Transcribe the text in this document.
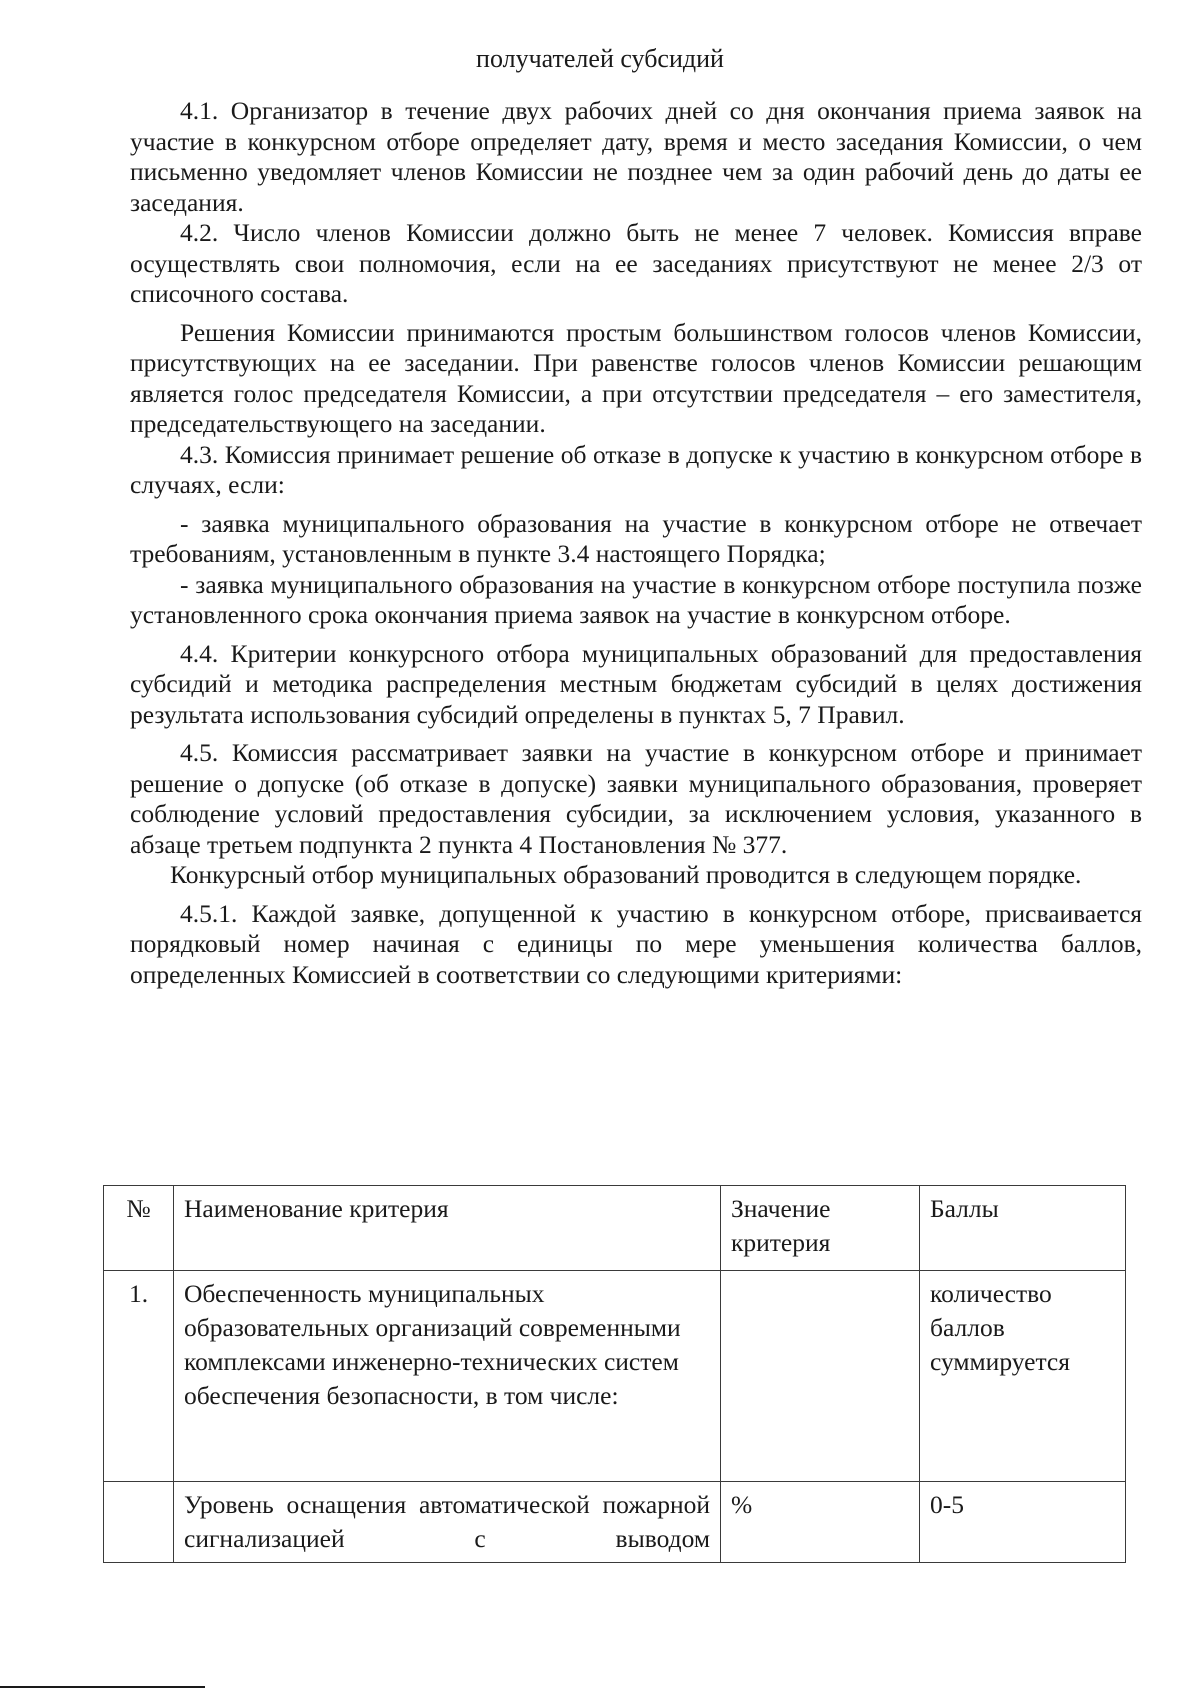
получателей субсидий

4.1. Организатор в течение двух рабочих дней со дня окончания приема заявок на участие в конкурсном отборе определяет дату, время и место заседания Комиссии, о чем письменно уведомляет членов Комиссии не позднее чем за один рабочий день до даты ее заседания.

4.2. Число членов Комиссии должно быть не менее 7 человек. Комиссия вправе осуществлять свои полномочия, если на ее заседаниях присутствуют не менее 2/3 от списочного состава.

Решения Комиссии принимаются простым большинством голосов членов Комиссии, присутствующих на ее заседании. При равенстве голосов членов Комиссии решающим является голос председателя Комиссии, а при отсутствии председателя – его заместителя, председательствующего на заседании.

4.3. Комиссия принимает решение об отказе в допуске к участию в конкурсном отборе в случаях, если:

- заявка муниципального образования на участие в конкурсном отборе не отвечает требованиям, установленным в пункте 3.4 настоящего Порядка;

- заявка муниципального образования на участие в конкурсном отборе поступила позже установленного срока окончания приема заявок на участие в конкурсном отборе.

4.4. Критерии конкурсного отбора муниципальных образований для предоставления субсидий и методика распределения местным бюджетам субсидий в целях достижения результата использования субсидий определены в пунктах 5, 7 Правил.

4.5. Комиссия рассматривает заявки на участие в конкурсном отборе и принимает решение о допуске (об отказе в допуске) заявки муниципального образования, проверяет соблюдение условий предоставления субсидии, за исключением условия, указанного в абзаце третьем подпункта 2 пункта 4 Постановления № 377.

Конкурсный отбор муниципальных образований проводится в следующем порядке.

4.5.1. Каждой заявке, допущенной к участию в конкурсном отборе, присваивается порядковый номер начиная с единицы по мере уменьшения количества баллов, определенных Комиссией в соответствии со следующими критериями:

№	Наименование критерия	Значение критерия	Баллы
1.	Обеспеченность муниципальных образовательных организаций современными комплексами инженерно-технических систем обеспечения безопасности, в том числе:		количество баллов суммируется
	Уровень оснащения автоматической пожарной сигнализацией с выводом	%	0-5
